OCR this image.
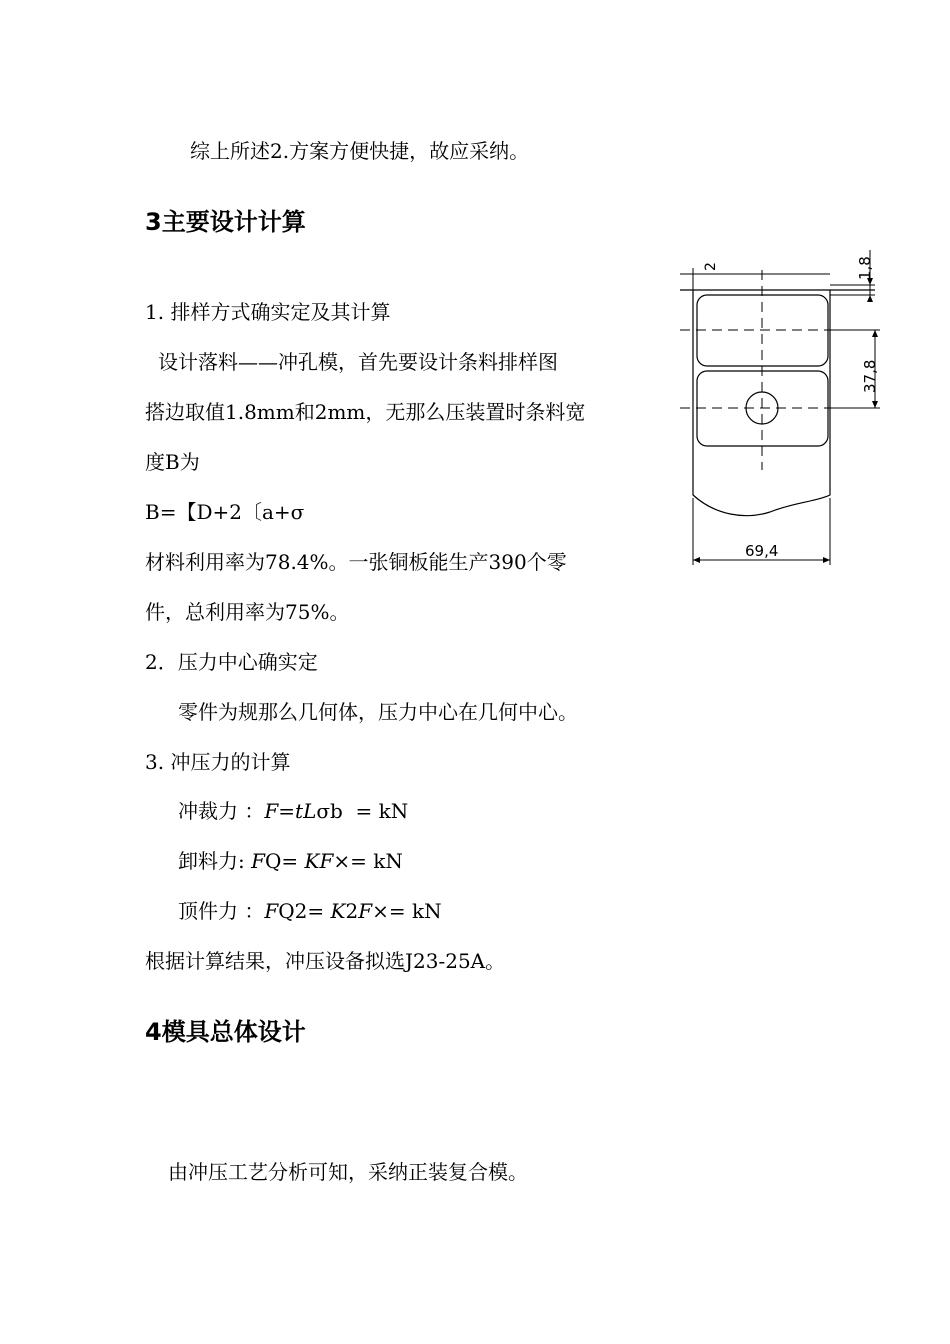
综上所述2.方案方便快捷，故应采纳。
3主要设计计算
1. 排样方式确实定及其计算
设计落料——冲孔模，首先要设计条料排样图
搭边取值1.8mm和2mm，无那么压装置时条料宽
度B为
B=【D+2〔a+σ
材料利用率为78.4%。一张铜板能生产390个零
件，总利用率为75%。
2．压力中心确实定
零件为规那么几何体，压力中心在几何中心。
3. 冲压力的计算
冲裁力 ：F=tLσb  = kN
卸料力: FQ= KF×= kN
顶件力 ：FQ2= K2F×= kN
根据计算结果，冲压设备拟选J23-25A。
4模具总体设计
由冲压工艺分析可知，采纳正装复合模。
1,8
37,8
69,4
2
